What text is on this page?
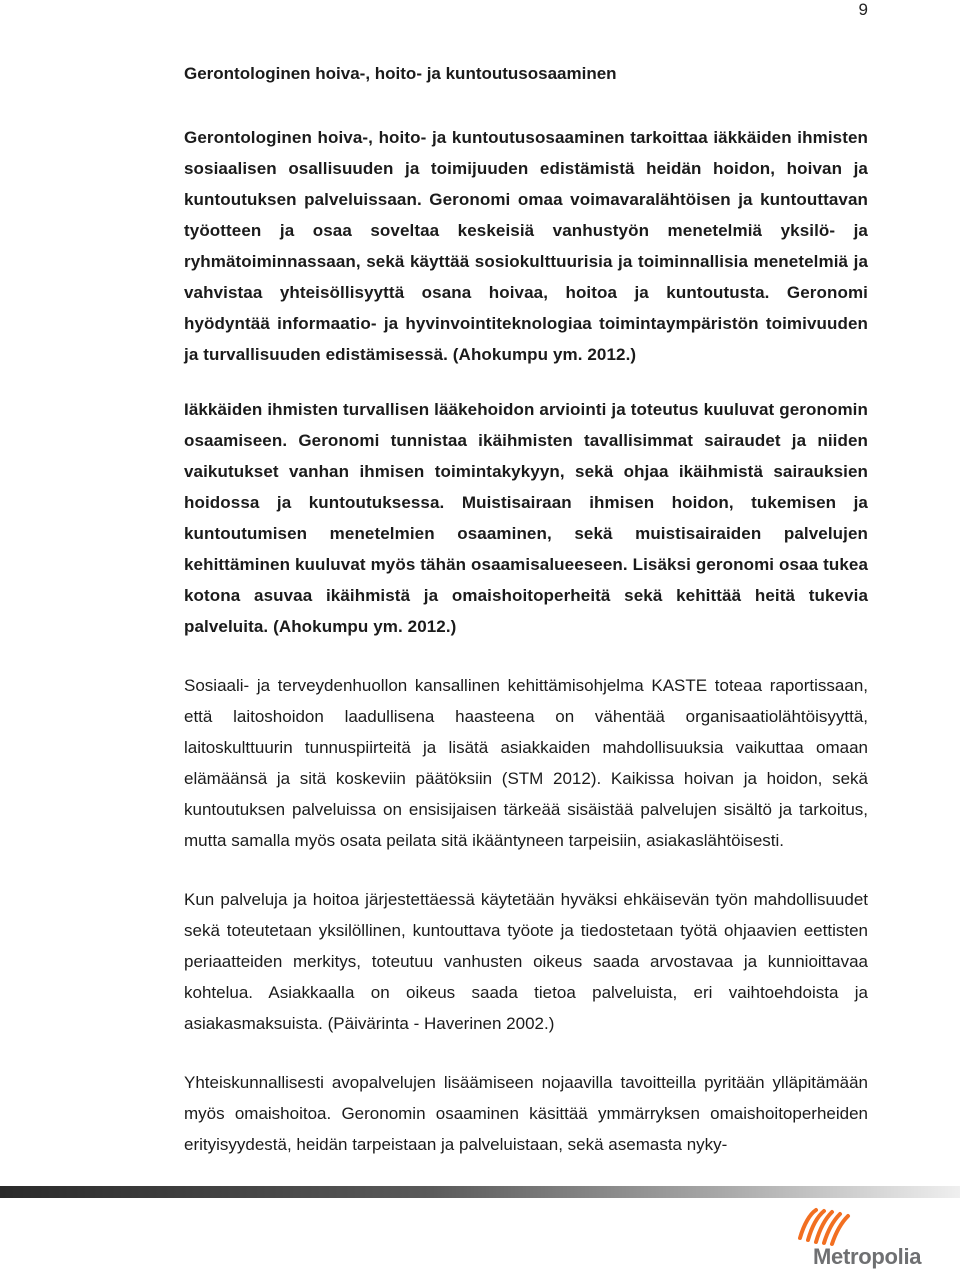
9
Gerontologinen hoiva-, hoito- ja kuntoutusosaaminen

Gerontologinen hoiva-, hoito- ja kuntoutusosaaminen tarkoittaa iäkkäiden ihmisten sosiaalisen osallisuuden ja toimijuuden edistämistä heidän hoidon, hoivan ja kuntoutuksen palveluissaan. Geronomi omaa voimavaralähtöisen ja kuntouttavan työotteen ja osaa soveltaa keskeisiä vanhustyön menetelmiä yksilö- ja ryhmätoiminnassaan, sekä käyttää sosiokulttuurisia ja toiminnallisia menetelmiä ja vahvistaa yhteisöllisyyttä osana hoivaa, hoitoa ja kuntoutusta. Geronomi hyödyntää informaatio- ja hyvinvointiteknologiaa toimintaympäristön toimivuuden ja turvallisuuden edistämisessä. (Ahokumpu ym. 2012.)

Iäkkäiden ihmisten turvallisen lääkehoidon arviointi ja toteutus kuuluvat geronomin osaamiseen. Geronomi tunnistaa ikäihmisten tavallisimmat sairaudet ja niiden vaikutukset vanhan ihmisen toimintakykyyn, sekä ohjaa ikäihmistä sairauksien hoidossa ja kuntoutuksessa. Muistisairaan ihmisen hoidon, tukemisen ja kuntoutumisen menetelmien osaaminen, sekä muistisairaiden palvelujen kehittäminen kuuluvat myös tähän osaamisalueeseen. Lisäksi geronomi osaa tukea kotona asuvaa ikäihmistä ja omaishoitoperheitä sekä kehittää heitä tukevia palveluita. (Ahokumpu ym. 2012.)

Sosiaali- ja terveydenhuollon kansallinen kehittämisohjelma KASTE toteaa raportissaan, että laitoshoidon laadullisena haasteena on vähentää organisaatiolähtöisyyttä, laitoskulttuurin tunnuspiirteitä ja lisätä asiakkaiden mahdollisuuksia vaikuttaa omaan elämäänsä ja sitä koskeviin päätöksiin (STM 2012). Kaikissa hoivan ja hoidon, sekä kuntoutuksen palveluissa on ensisijaisen tärkeää sisäistää palvelujen sisältö ja tarkoitus, mutta samalla myös osata peilata sitä ikääntyneen tarpeisiin, asiakaslähtöisesti.

Kun palveluja ja hoitoa järjestettäessä käytetään hyväksi ehkäisevän työn mahdollisuudet sekä toteutetaan yksilöllinen, kuntouttava työote ja tiedostetaan työtä ohjaavien eettisten periaatteiden merkitys, toteutuu vanhusten oikeus saada arvostavaa ja kunnioittavaa kohtelua. Asiakkaalla on oikeus saada tietoa palveluista, eri vaihtoehdoista ja asiakasmaksuista. (Päivärinta - Haverinen 2002.)

Yhteiskunnallisesti avopalvelujen lisäämiseen nojaavilla tavoitteilla pyritään ylläpitämään myös omaishoitoa. Geronomin osaaminen käsittää ymmärryksen omaishoitoperheiden erityisyydestä, heidän tarpeistaan ja palveluistaan, sekä asemasta nyky-

Metropolia
